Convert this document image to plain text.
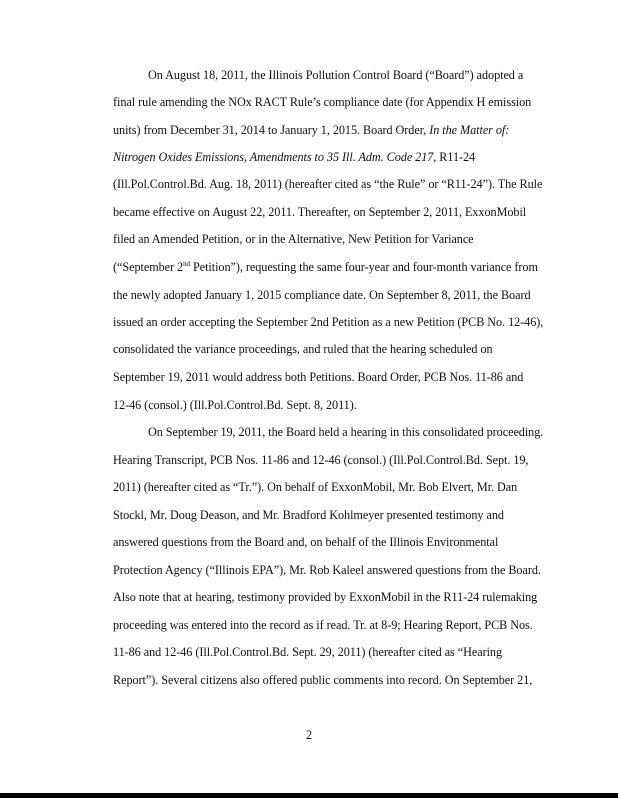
On August 18, 2011, the Illinois Pollution Control Board (“Board”) adopted a
final rule amending the NOx RACT Rule’s compliance date (for Appendix H emission
units) from December 31, 2014 to January 1, 2015. Board Order, In the Matter of:
Nitrogen Oxides Emissions, Amendments to 35 Ill. Adm. Code 217, R11-24
(Ill.Pol.Control.Bd. Aug. 18, 2011) (hereafter cited as “the Rule” or “R11-24”). The Rule
became effective on August 22, 2011. Thereafter, on September 2, 2011, ExxonMobil
filed an Amended Petition, or in the Alternative, New Petition for Variance
(“September 2nd Petition”), requesting the same four-year and four-month variance from
the newly adopted January 1, 2015 compliance date. On September 8, 2011, the Board
issued an order accepting the September 2nd Petition as a new Petition (PCB No. 12-46),
consolidated the variance proceedings, and ruled that the hearing scheduled on
September 19, 2011 would address both Petitions. Board Order, PCB Nos. 11-86 and
12-46 (consol.) (Ill.Pol.Control.Bd. Sept. 8, 2011).
On September 19, 2011, the Board held a hearing in this consolidated proceeding.
Hearing Transcript, PCB Nos. 11-86 and 12-46 (consol.) (Ill.Pol.Control.Bd. Sept. 19,
2011) (hereafter cited as “Tr.”). On behalf of ExxonMobil, Mr. Bob Elvert, Mr. Dan
Stockl, Mr. Doug Deason, and Mr. Bradford Kohlmeyer presented testimony and
answered questions from the Board and, on behalf of the Illinois Environmental
Protection Agency (“Illinois EPA”), Mr. Rob Kaleel answered questions from the Board.
Also note that at hearing, testimony provided by ExxonMobil in the R11-24 rulemaking
proceeding was entered into the record as if read. Tr. at 8-9; Hearing Report, PCB Nos.
11-86 and 12-46 (Ill.Pol.Control.Bd. Sept. 29, 2011) (hereafter cited as “Hearing
Report”). Several citizens also offered public comments into record. On September 21,
2
